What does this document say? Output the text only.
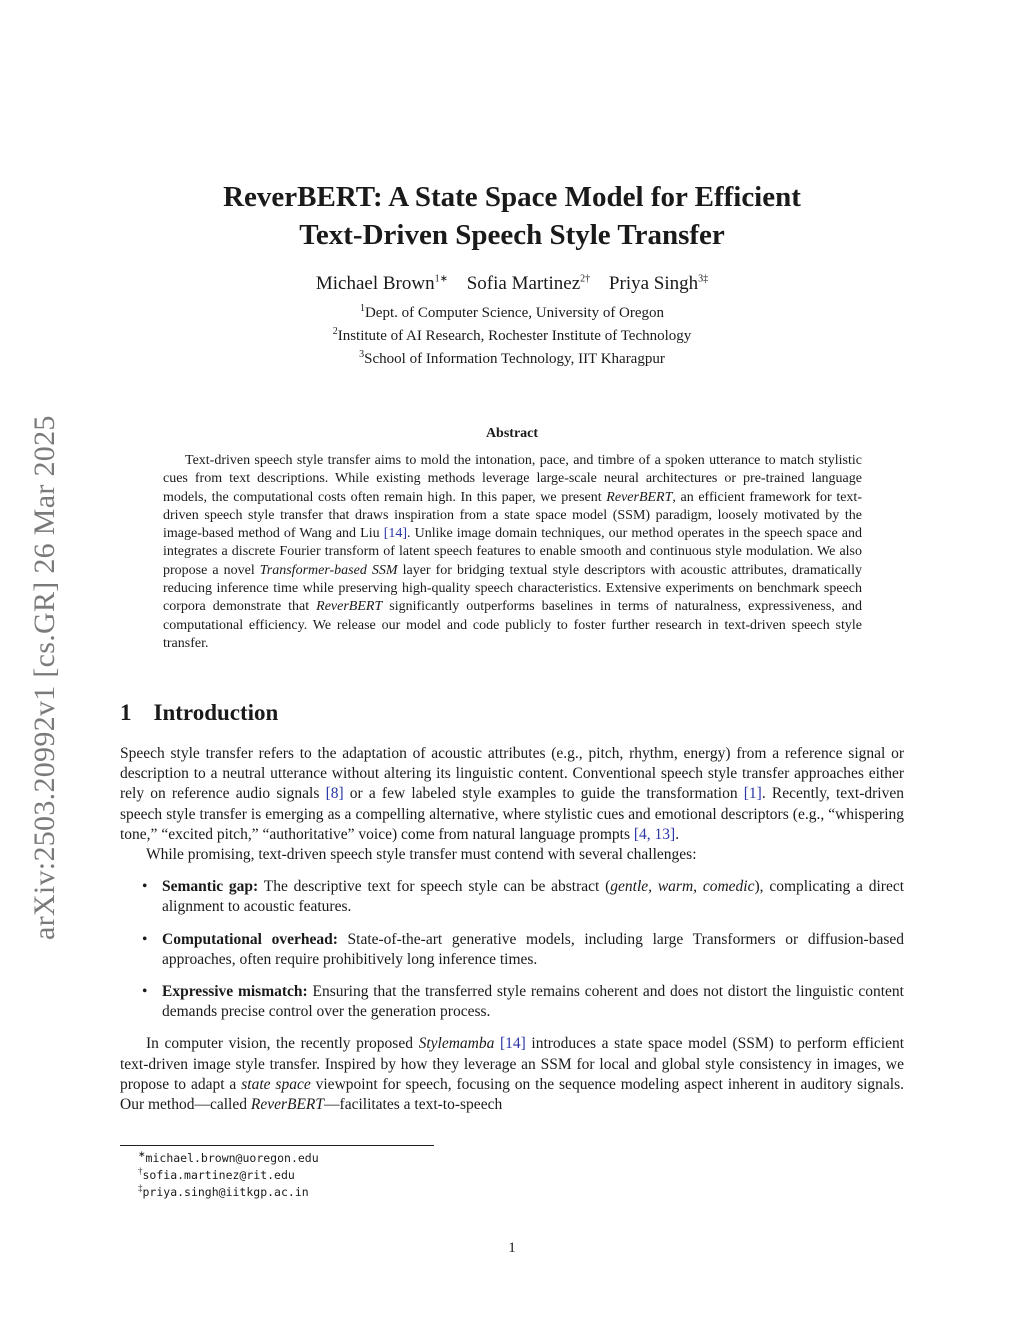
arXiv:2503.20992v1 [cs.GR] 26 Mar 2025
ReverBERT: A State Space Model for Efficient
Text-Driven Speech Style Transfer
Michael Brown$^{1∗}$ Sofia Martinez$^{2\dagger}$ Priya Singh$^{3\ddagger}$
$^1$Dept. of Computer Science, University of Oregon
$^2$Institute of AI Research, Rochester Institute of Technology
$^3$School of Information Technology, IIT Kharagpur
Abstract
Text-driven speech style transfer aims to mold the intonation, pace, and timbre of a spoken utterance to match stylistic cues from text descriptions. While existing methods leverage large-scale neural architectures or pre-trained language models, the computational costs often remain high. In this paper, we present ReverBERT, an efficient framework for text-driven speech style transfer that draws inspiration from a state space model (SSM) paradigm, loosely motivated by the image-based method of Wang and Liu [14]. Unlike image domain techniques, our method operates in the speech space and integrates a discrete Fourier transform of latent speech features to enable smooth and continuous style modulation. We also propose a novel Transformer-based SSM layer for bridging textual style descriptors with acoustic attributes, dramatically reducing inference time while preserving high-quality speech characteristics. Extensive experiments on benchmark speech corpora demonstrate that ReverBERT significantly outperforms baselines in terms of naturalness, expressiveness, and computational efficiency. We release our model and code publicly to foster further research in text-driven speech style transfer.
1 Introduction

Speech style transfer refers to the adaptation of acoustic attributes (e.g., pitch, rhythm, energy) from a reference signal or description to a neutral utterance without altering its linguistic content. Conventional speech style transfer approaches either rely on reference audio signals [8] or a few labeled style examples to guide the transformation [1]. Recently, text-driven speech style transfer is emerging as a compelling alternative, where stylistic cues and emotional descriptors (e.g., “whispering tone,” “excited pitch,” “authoritative” voice) come from natural language prompts [4, 13].

While promising, text-driven speech style transfer must contend with several challenges:

• Semantic gap: The descriptive text for speech style can be abstract (gentle, warm, comedic), complicating a direct alignment to acoustic features.
• Computational overhead: State-of-the-art generative models, including large Transformers or diffusion-based approaches, often require prohibitively long inference times.
• Expressive mismatch: Ensuring that the transferred style remains coherent and does not distort the linguistic content demands precise control over the generation process.

In computer vision, the recently proposed Stylemamba [14] introduces a state space model (SSM) to perform efficient text-driven image style transfer. Inspired by how they leverage an SSM for local and global style consistency in images, we propose to adapt a state space viewpoint for speech, focusing on the sequence modeling aspect inherent in auditory signals. Our method—called ReverBERT—facilitates a text-to-speech

∗michael.brown@uoregon.edu
†sofia.martinez@rit.edu
‡priya.singh@iitkgp.ac.in
1
